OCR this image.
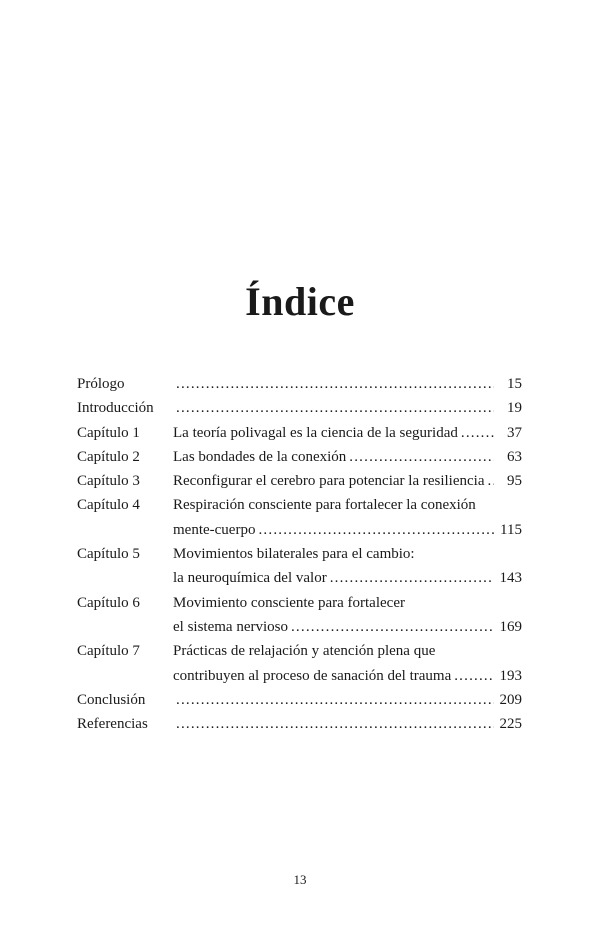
Índice
Prólogo .....	15
Introducción .....	19
Capítulo 1	La teoría polivagal es la ciencia de la seguridad .....	37
Capítulo 2	Las bondades de la conexión .....	63
Capítulo 3	Reconfigurar el cerebro para potenciar la resiliencia .....	95
Capítulo 4	Respiración consciente para fortalecer la conexión
mente-cuerpo .....	115
Capítulo 5	Movimientos bilaterales para el cambio:
la neuroquímica del valor .....	143
Capítulo 6	Movimiento consciente para fortalecer
el sistema nervioso .....	169
Capítulo 7	Prácticas de relajación y atención plena que
contribuyen al proceso de sanación del trauma .....	193
Conclusión .....	209
Referencias .....	225
13
